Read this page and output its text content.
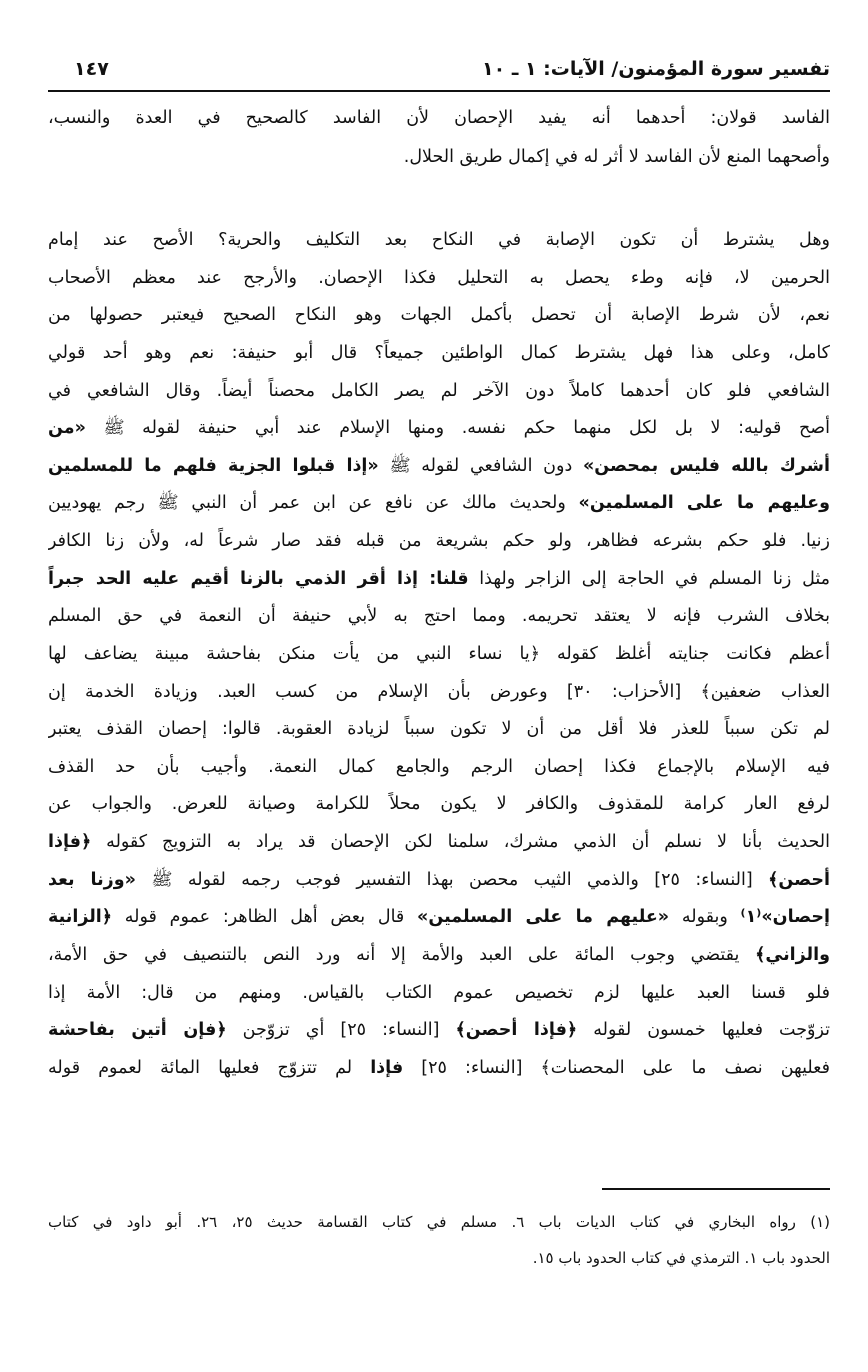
تفسير سورة المؤمنون/ الآيات: ١ ـ ١٠
١٤٧
الفاسد قولان: أحدهما أنه يفيد الإحصان لأن الفاسد كالصحيح في العدة والنسب،
وأصحهما المنع لأن الفاسد لا أثر له في إكمال طريق الحلال.
وهل يشترط أن تكون الإصابة في النكاح بعد التكليف والحرية؟ الأصح عند إمام
الحرمين لا، فإنه وطء يحصل به التحليل فكذا الإحصان. والأرجح عند معظم الأصحاب
نعم، لأن شرط الإصابة أن تحصل بأكمل الجهات وهو النكاح الصحيح فيعتبر حصولها من
كامل، وعلى هذا فهل يشترط كمال الواطئين جميعاً؟ قال أبو حنيفة: نعم وهو أحد قولي
الشافعي فلو كان أحدهما كاملاً دون الآخر لم يصر الكامل محصناً أيضاً. وقال الشافعي في
أصح قوليه: لا بل لكل منهما حكم نفسه. ومنها الإسلام عند أبي حنيفة لقوله ﷺ «من
أشرك بالله فليس بمحصن» دون الشافعي لقوله ﷺ «إذا قبلوا الجزية فلهم ما للمسلمين
وعليهم ما على المسلمين» ولحديث مالك عن نافع عن ابن عمر أن النبي ﷺ رجم يهوديين
زنيا. فلو حكم بشرعه فظاهر، ولو حكم بشريعة من قبله فقد صار شرعاً له، ولأن زنا الكافر
مثل زنا المسلم في الحاجة إلى الزاجر ولهذا قلنا: إذا أقر الذمي بالزنا أقيم عليه الحد جبراً
بخلاف الشرب فإنه لا يعتقد تحريمه. ومما احتج به لأبي حنيفة أن النعمة في حق المسلم
أعظم فكانت جنايته أغلظ كقوله ﴿يا نساء النبي من يأت منكن بفاحشة مبينة يضاعف لها
العذاب ضعفين﴾ [الأحزاب: ٣٠] وعورض بأن الإسلام من كسب العبد. وزيادة الخدمة إن
لم تكن سبباً للعذر فلا أقل من أن لا تكون سبباً لزيادة العقوبة. قالوا: إحصان القذف يعتبر
فيه الإسلام بالإجماع فكذا إحصان الرجم والجامع كمال النعمة. وأجيب بأن حد القذف
لرفع العار كرامة للمقذوف والكافر لا يكون محلاً للكرامة وصيانة للعرض. والجواب عن
الحديث بأنا لا نسلم أن الذمي مشرك، سلمنا لكن الإحصان قد يراد به التزويج كقوله ﴿فإذا
أحصن﴾ [النساء: ٢٥] والذمي الثيب محصن بهذا التفسير فوجب رجمه لقوله ﷺ «وزنا بعد
إحصان»⁽١⁾ وبقوله «عليهم ما على المسلمين» قال بعض أهل الظاهر: عموم قوله ﴿الزانية
والزاني﴾ يقتضي وجوب المائة على العبد والأمة إلا أنه ورد النص بالتنصيف في حق الأمة،
فلو قسنا العبد عليها لزم تخصيص عموم الكتاب بالقياس. ومنهم من قال: الأمة إذا
تزوّجت فعليها خمسون لقوله ﴿فإذا أحصن﴾ [النساء: ٢٥] أي تزوّجن ﴿فإن أتين بفاحشة
فعليهن نصف ما على المحصنات﴾ [النساء: ٢٥] فإذا لم تتزوّج فعليها المائة لعموم قوله
(١) رواه البخاري في كتاب الديات باب ٦. مسلم في كتاب القسامة حديث ٢٥، ٢٦. أبو داود في كتاب
الحدود باب ١. الترمذي في كتاب الحدود باب ١٥.
